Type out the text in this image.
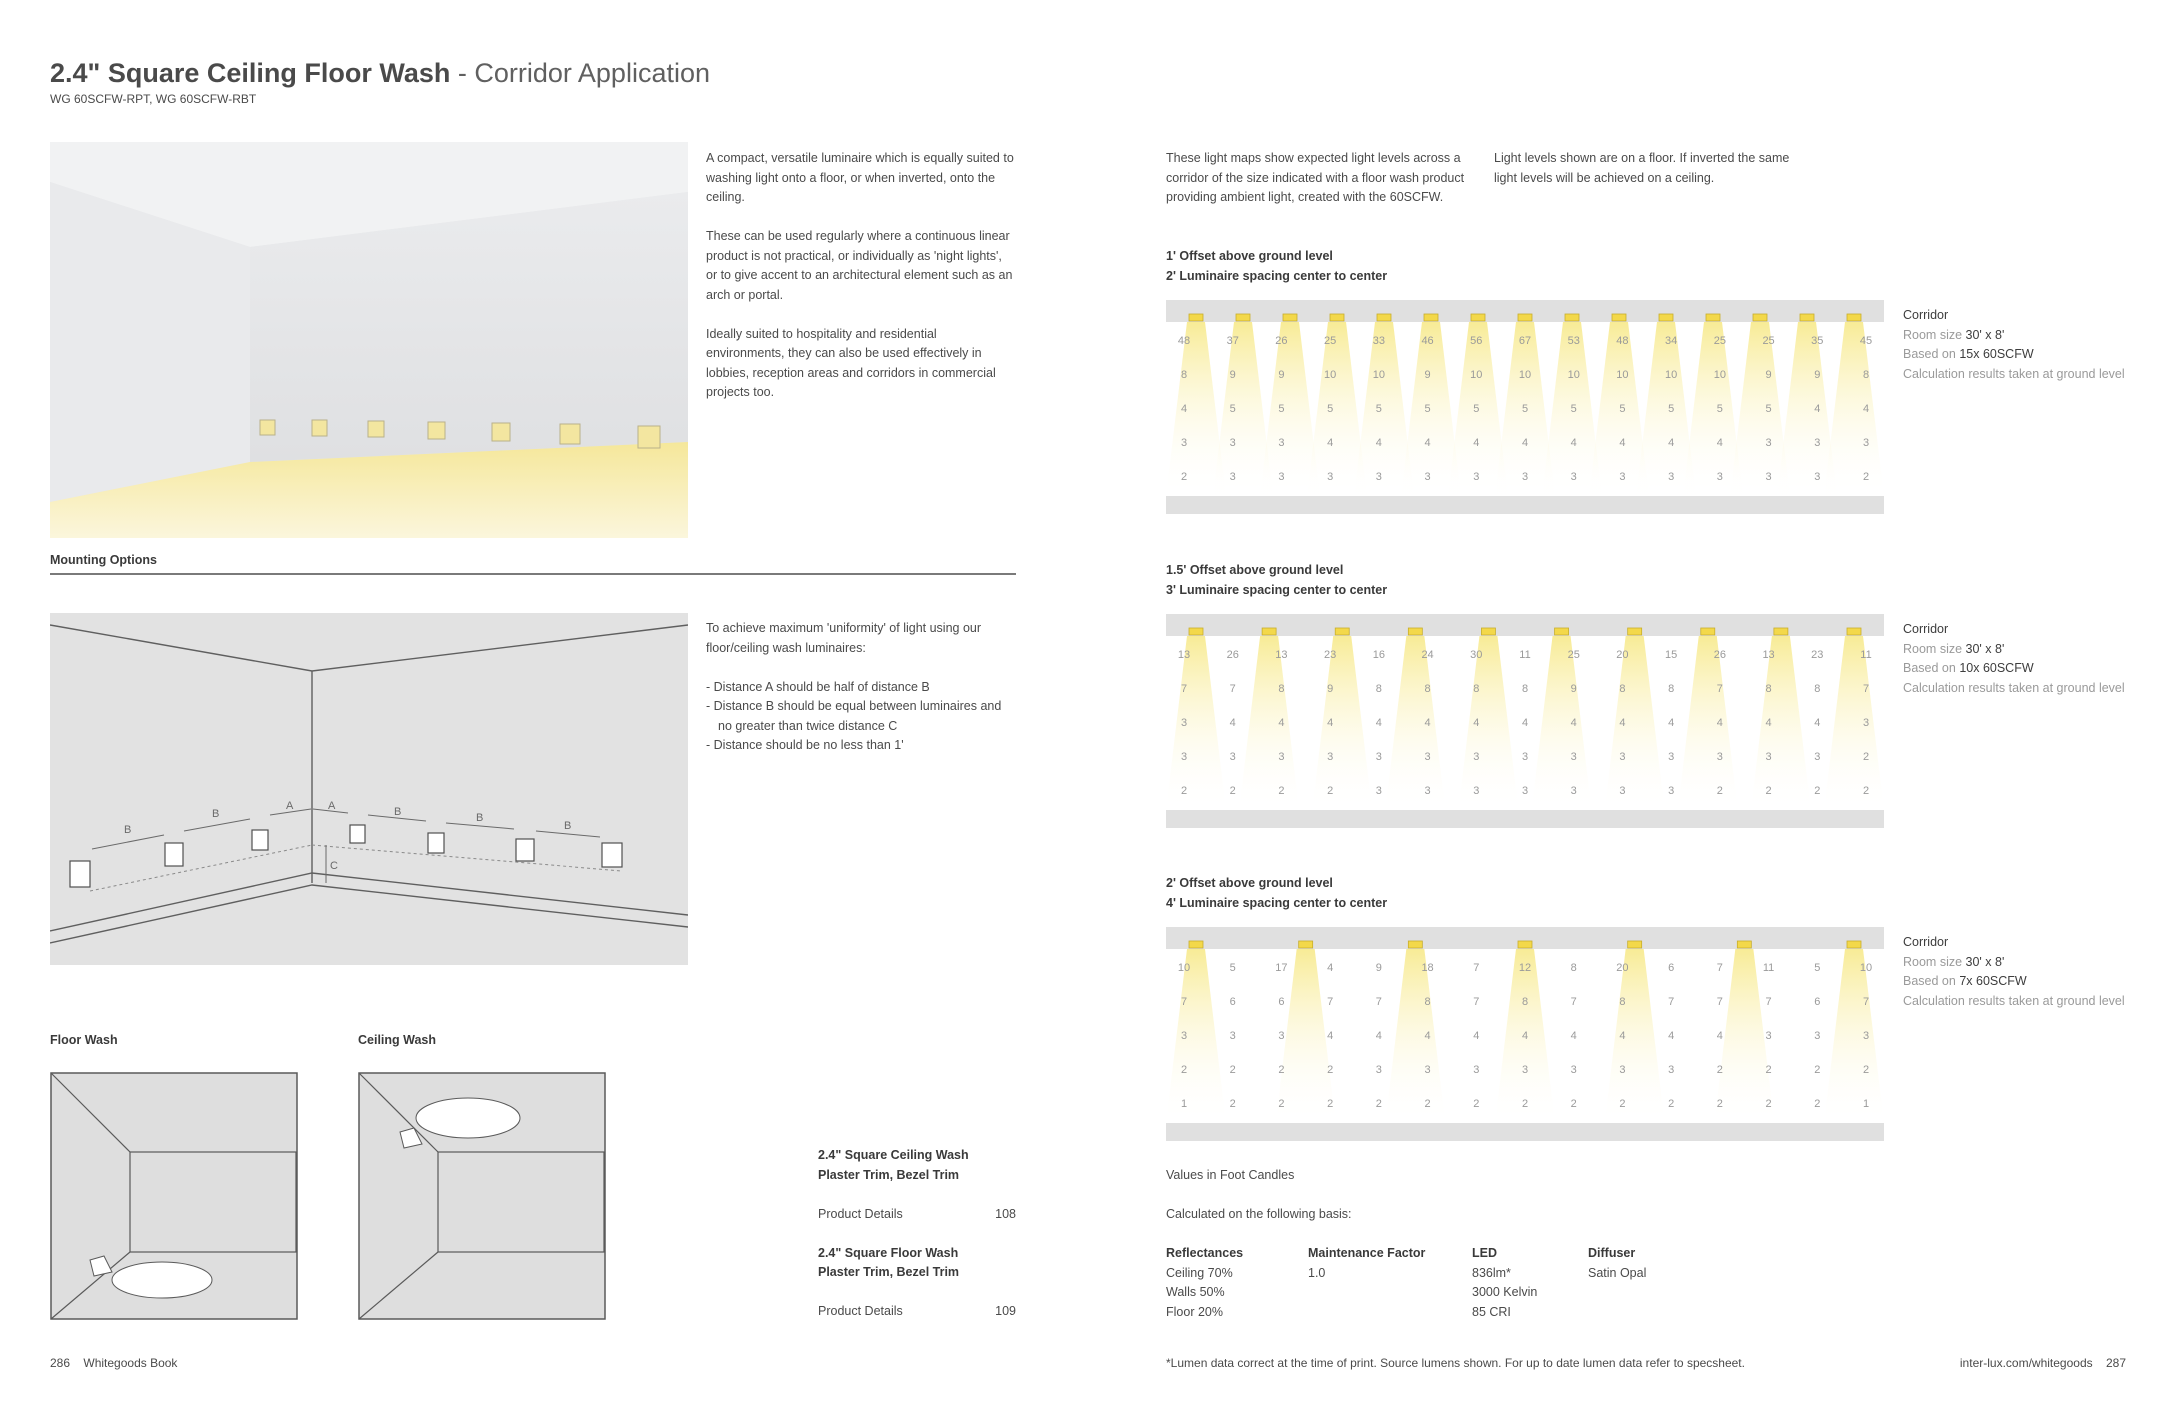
2.4" Square Ceiling Floor Wash - Corridor Application
WG 60SCFW-RPT, WG 60SCFW-RBT

A compact, versatile luminaire which is equally suited to washing light onto a floor, or when inverted, onto the ceiling.

These can be used regularly where a continuous linear product is not practical, or individually as 'night lights', or to give accent to an architectural element such as an arch or portal.

Ideally suited to hospitality and residential environments, they can also be used effectively in lobbies, reception areas and corridors in commercial projects too.

Mounting Options
B
B
A	A	B	B
B
C

To achieve maximum 'uniformity' of light using our floor/ceiling wash luminaires:

- Distance A should be half of distance B
- Distance B should be equal between luminaires and no greater than twice distance C
- Distance should be no less than 1'
Floor Wash	Ceiling Wash
2.4" Square Ceiling Wash
Plaster Trim, Bezel Trim
Product Details	108
2.4" Square Floor Wash
Plaster Trim, Bezel Trim
Product Details	109
286 Whitegoods Book
These light maps show expected light levels across a corridor of the size indicated with a floor wash product providing ambient light, created with the 60SCFW.
Light levels shown are on a floor. If inverted the same light levels will be achieved on a ceiling.
1' Offset above ground level
2' Luminaire spacing center to center
48	37	26	25	33	46	56	67	53	48	34	25	25	35	45
8	9	9	10	10	9	10	10	10	10	10	10	9	9	8
4	5	5	5	5	5	5	5	5	5	5	5	5	4	4
3	3	3	4	4	4	4	4	4	4	4	4	3	3	3
2	3	3	3	3	3	3	3	3	3	3	3	3	3	2
Corridor
Room size 30' x 8'
Based on 15x 60SCFW
Calculation results taken at ground level
1.5' Offset above ground level
3' Luminaire spacing center to center
13	26	13	23	16	24	30	11	25	20	15	26	13	23	11
7	7	8	9	8	8	8	8	9	8	8	7	8	8	7
3	4	4	4	4	4	4	4	4	4	4	4	4	4	3
3	3	3	3	3	3	3	3	3	3	3	3	3	3	2
2	2	2	2	3	3	3	3	3	3	3	2	2	2	2
Corridor
Room size 30' x 8'
Based on 10x 60SCFW
Calculation results taken at ground level
2' Offset above ground level
4' Luminaire spacing center to center
10	5	17	4	9	18	7	12	8	20	6	7	11	5	10
7	6	6	7	7	8	7	8	7	8	7	7	7	6	7
3	3	3	4	4	4	4	4	4	4	4	4	3	3	3
2	2	2	2	3	3	3	3	3	3	3	2	2	2	2
1	2	2	2	2	2	2	2	2	2	2	2	2	2	1
Corridor
Room size 30' x 8'
Based on 7x 60SCFW
Calculation results taken at ground level
Values in Foot Candles
Calculated on the following basis:
Reflectances
Ceiling 70%
Walls 50%
Floor 20%
Maintenance Factor
1.0
LED
836lm*
3000 Kelvin
85 CRI
Diffuser
Satin Opal
*Lumen data correct at the time of print. Source lumens shown. For up to date lumen data refer to specsheet.	inter-lux.com/whitegoods 287
